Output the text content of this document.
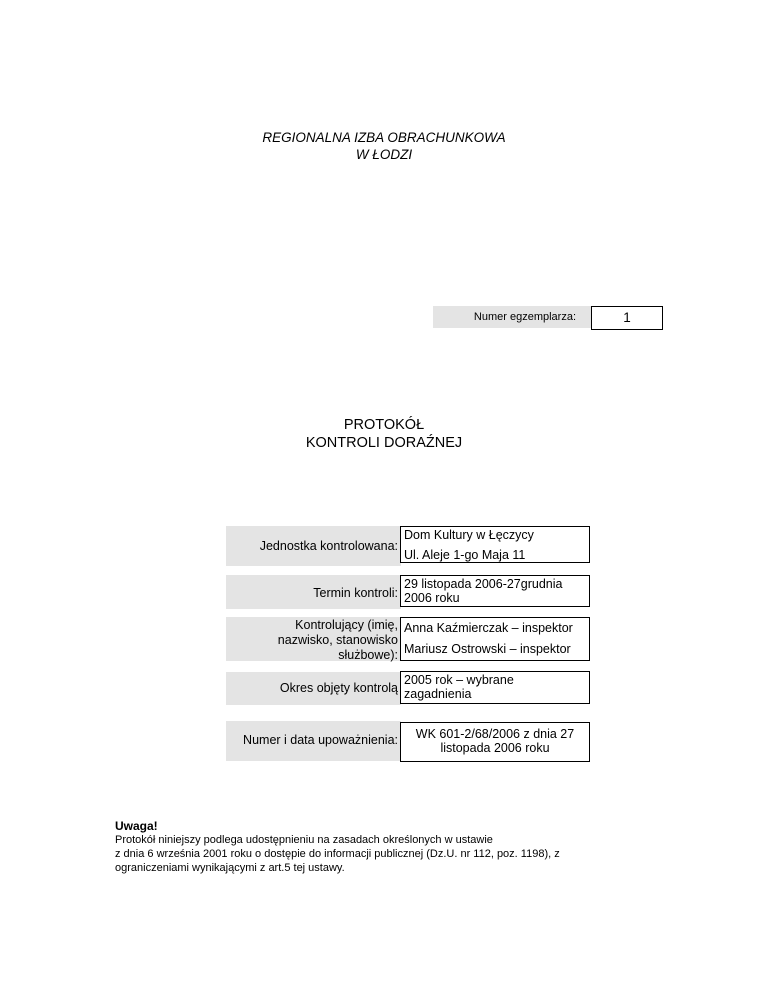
REGIONALNA IZBA OBRACHUNKOWA
W ŁODZI
Numer egzemplarza:	1
PROTOKÓŁ
KONTROLI DORAŹNEJ
Jednostka kontrolowana:
Dom Kultury w Łęczycy
Ul. Aleje 1-go Maja 11
Termin kontroli:
29 listopada 2006-27grudnia
2006 roku
Kontrolujący (imię,
nazwisko, stanowisko
służbowe):
Anna Kaźmierczak – inspektor
Mariusz Ostrowski – inspektor
Okres objęty kontrolą
2005 rok – wybrane
zagadnienia
Numer i data upoważnienia:	WK 601-2/68/2006 z dnia 27
listopada 2006 roku
Uwaga!
Protokół niniejszy podlega udostępnieniu na zasadach określonych w ustawie
z dnia 6 września 2001 roku o dostępie do informacji publicznej (Dz.U. nr 112, poz. 1198), z
ograniczeniami wynikającymi z art.5 tej ustawy.
